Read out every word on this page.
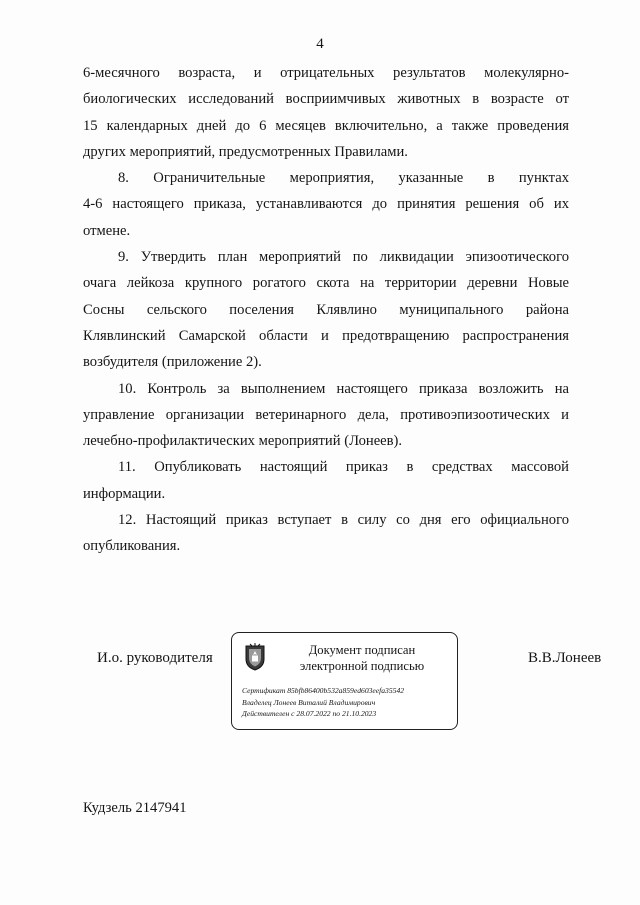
4
6-месячного возраста, и отрицательных результатов молекулярно-
биологических исследований восприимчивых животных в возрасте от
15 календарных дней до 6 месяцев включительно, а также проведения
других мероприятий, предусмотренных Правилами.
8. Ограничительные мероприятия, указанные в пунктах
4-6 настоящего приказа, устанавливаются до принятия решения об их
отмене.
9. Утвердить план мероприятий по ликвидации эпизоотического
очага лейкоза крупного рогатого скота на территории деревни Новые
Сосны сельского поселения Клявлино муниципального района
Клявлинский Самарской области и предотвращению распространения
возбудителя (приложение 2).
10. Контроль за выполнением настоящего приказа возложить на
управление организации ветеринарного дела, противоэпизоотических и
лечебно-профилактических мероприятий (Лонеев).
11. Опубликовать настоящий приказ в средствах массовой
информации.
12. Настоящий приказ вступает в силу со дня его официального
опубликования.
И.о. руководителя	Документ подписан
электронной подписью
Сертификат 85bfb86400b532a859ed603eefa35542
Владелец Лонеев Виталий Владимирович
Действителен с 28.07.2022 по 21.10.2023
В.В.Лонеев
Кудзель 2147941
